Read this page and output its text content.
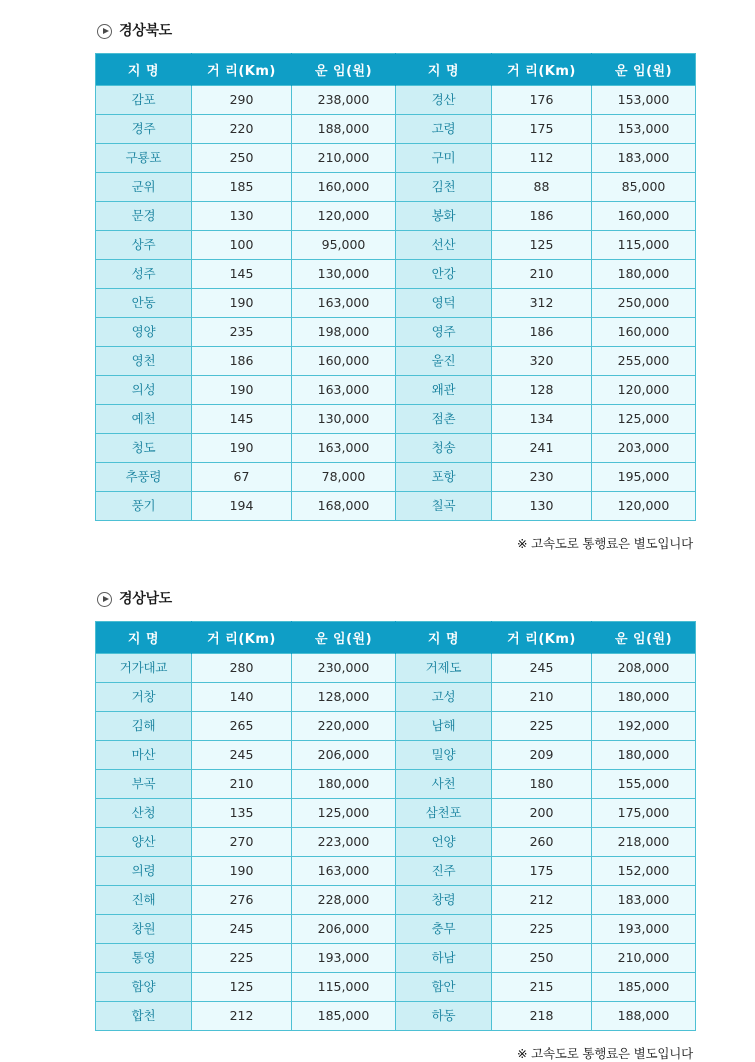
경상북도
지 명	거 리(Km)	운 임(원)	지 명	거 리(Km)	운 임(원)
감포	290	238,000	경산	176	153,000
경주	220	188,000	고령	175	153,000
구룡포	250	210,000	구미	112	183,000
군위	185	160,000	김천	88	85,000
문경	130	120,000	봉화	186	160,000
상주	100	95,000	선산	125	115,000
성주	145	130,000	안강	210	180,000
안동	190	163,000	영덕	312	250,000
영양	235	198,000	영주	186	160,000
영천	186	160,000	울진	320	255,000
의성	190	163,000	왜관	128	120,000
예천	145	130,000	점촌	134	125,000
청도	190	163,000	청송	241	203,000
추풍령	67	78,000	포항	230	195,000
풍기	194	168,000	칠곡	130	120,000
※ 고속도로 통행료은 별도입니다
경상남도
지 명	거 리(Km)	운 임(원)	지 명	거 리(Km)	운 임(원)
거가대교	280	230,000	거제도	245	208,000
거창	140	128,000	고성	210	180,000
김해	265	220,000	남해	225	192,000
마산	245	206,000	밀양	209	180,000
부곡	210	180,000	사천	180	155,000
산청	135	125,000	삼천포	200	175,000
양산	270	223,000	언양	260	218,000
의령	190	163,000	진주	175	152,000
진해	276	228,000	창령	212	183,000
창원	245	206,000	충무	225	193,000
통영	225	193,000	하남	250	210,000
함양	125	115,000	함안	215	185,000
합천	212	185,000	하동	218	188,000
※ 고속도로 통행료은 별도입니다
